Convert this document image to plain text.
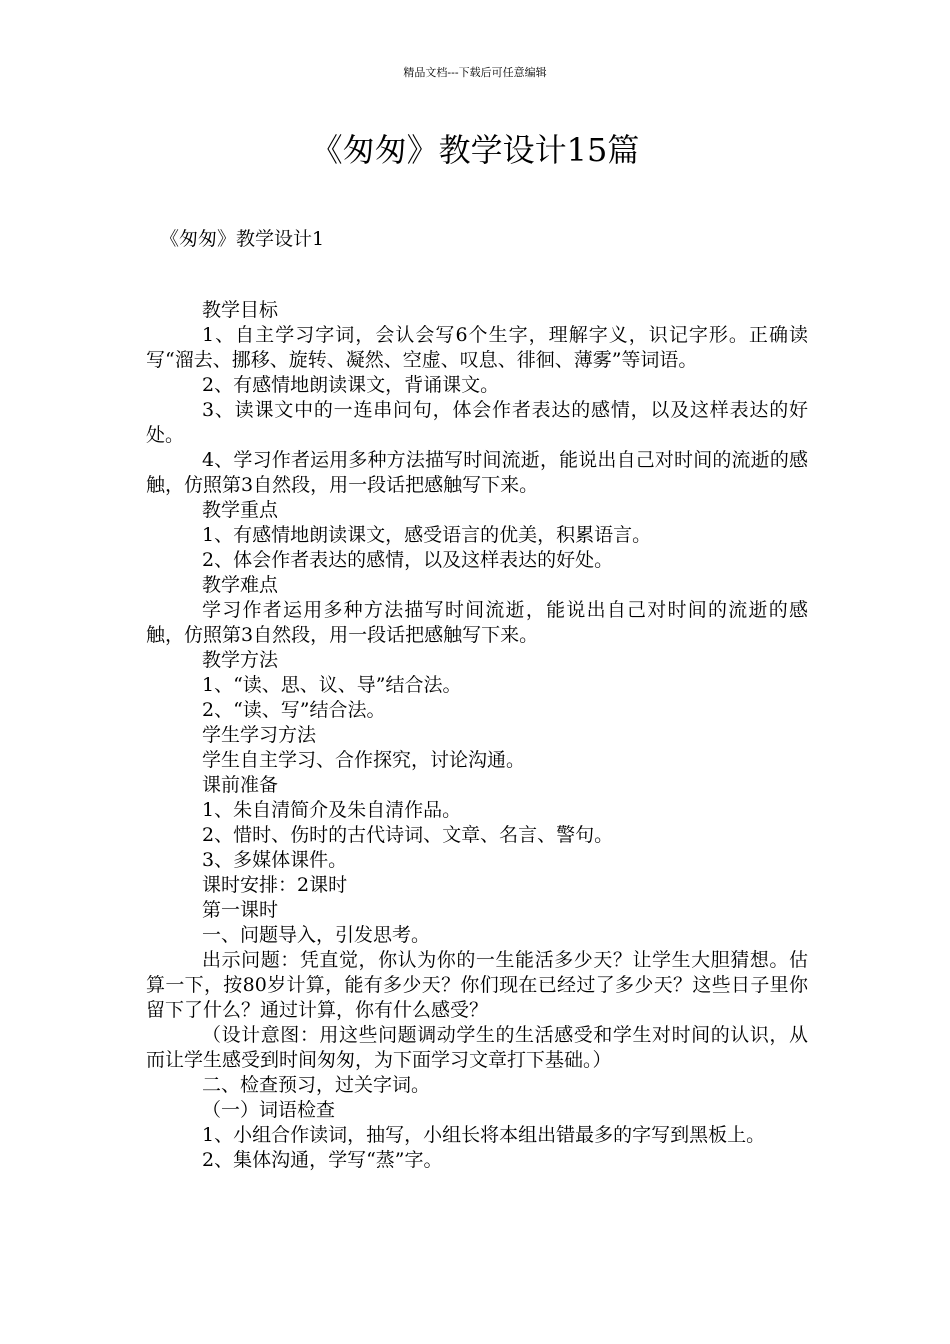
精品文档---下载后可任意编辑
《匆匆》教学设计15篇
《匆匆》教学设计1

教学目标

1、自主学习字词，会认会写6个生字，理解字义，识记字形。正确读写“溜去、挪移、旋转、凝然、空虚、叹息、徘徊、薄雾”等词语。

2、有感情地朗读课文，背诵课文。

3、读课文中的一连串问句，体会作者表达的感情，以及这样表达的好处。

4、学习作者运用多种方法描写时间流逝，能说出自己对时间的流逝的感触，仿照第3自然段，用一段话把感触写下来。

教学重点

1、有感情地朗读课文，感受语言的优美，积累语言。

2、体会作者表达的感情，以及这样表达的好处。

教学难点

学习作者运用多种方法描写时间流逝，能说出自己对时间的流逝的感触，仿照第3自然段，用一段话把感触写下来。

教学方法

1、“读、思、议、导”结合法。

2、“读、写”结合法。

学生学习方法

学生自主学习、合作探究，讨论沟通。

课前准备

1、朱自清简介及朱自清作品。

2、惜时、伤时的古代诗词、文章、名言、警句。

3、多媒体课件。

课时安排：2课时

第一课时

一、问题导入，引发思考。

出示问题：凭直觉，你认为你的一生能活多少天？让学生大胆猜想。估算一下，按80岁计算，能有多少天？你们现在已经过了多少天？这些日子里你留下了什么？通过计算，你有什么感受？

（设计意图：用这些问题调动学生的生活感受和学生对时间的认识，从而让学生感受到时间匆匆，为下面学习文章打下基础。）

二、检查预习，过关字词。

（一）词语检查

1、小组合作读词，抽写，小组长将本组出错最多的字写到黑板上。

2、集体沟通，学写“蒸”字。
